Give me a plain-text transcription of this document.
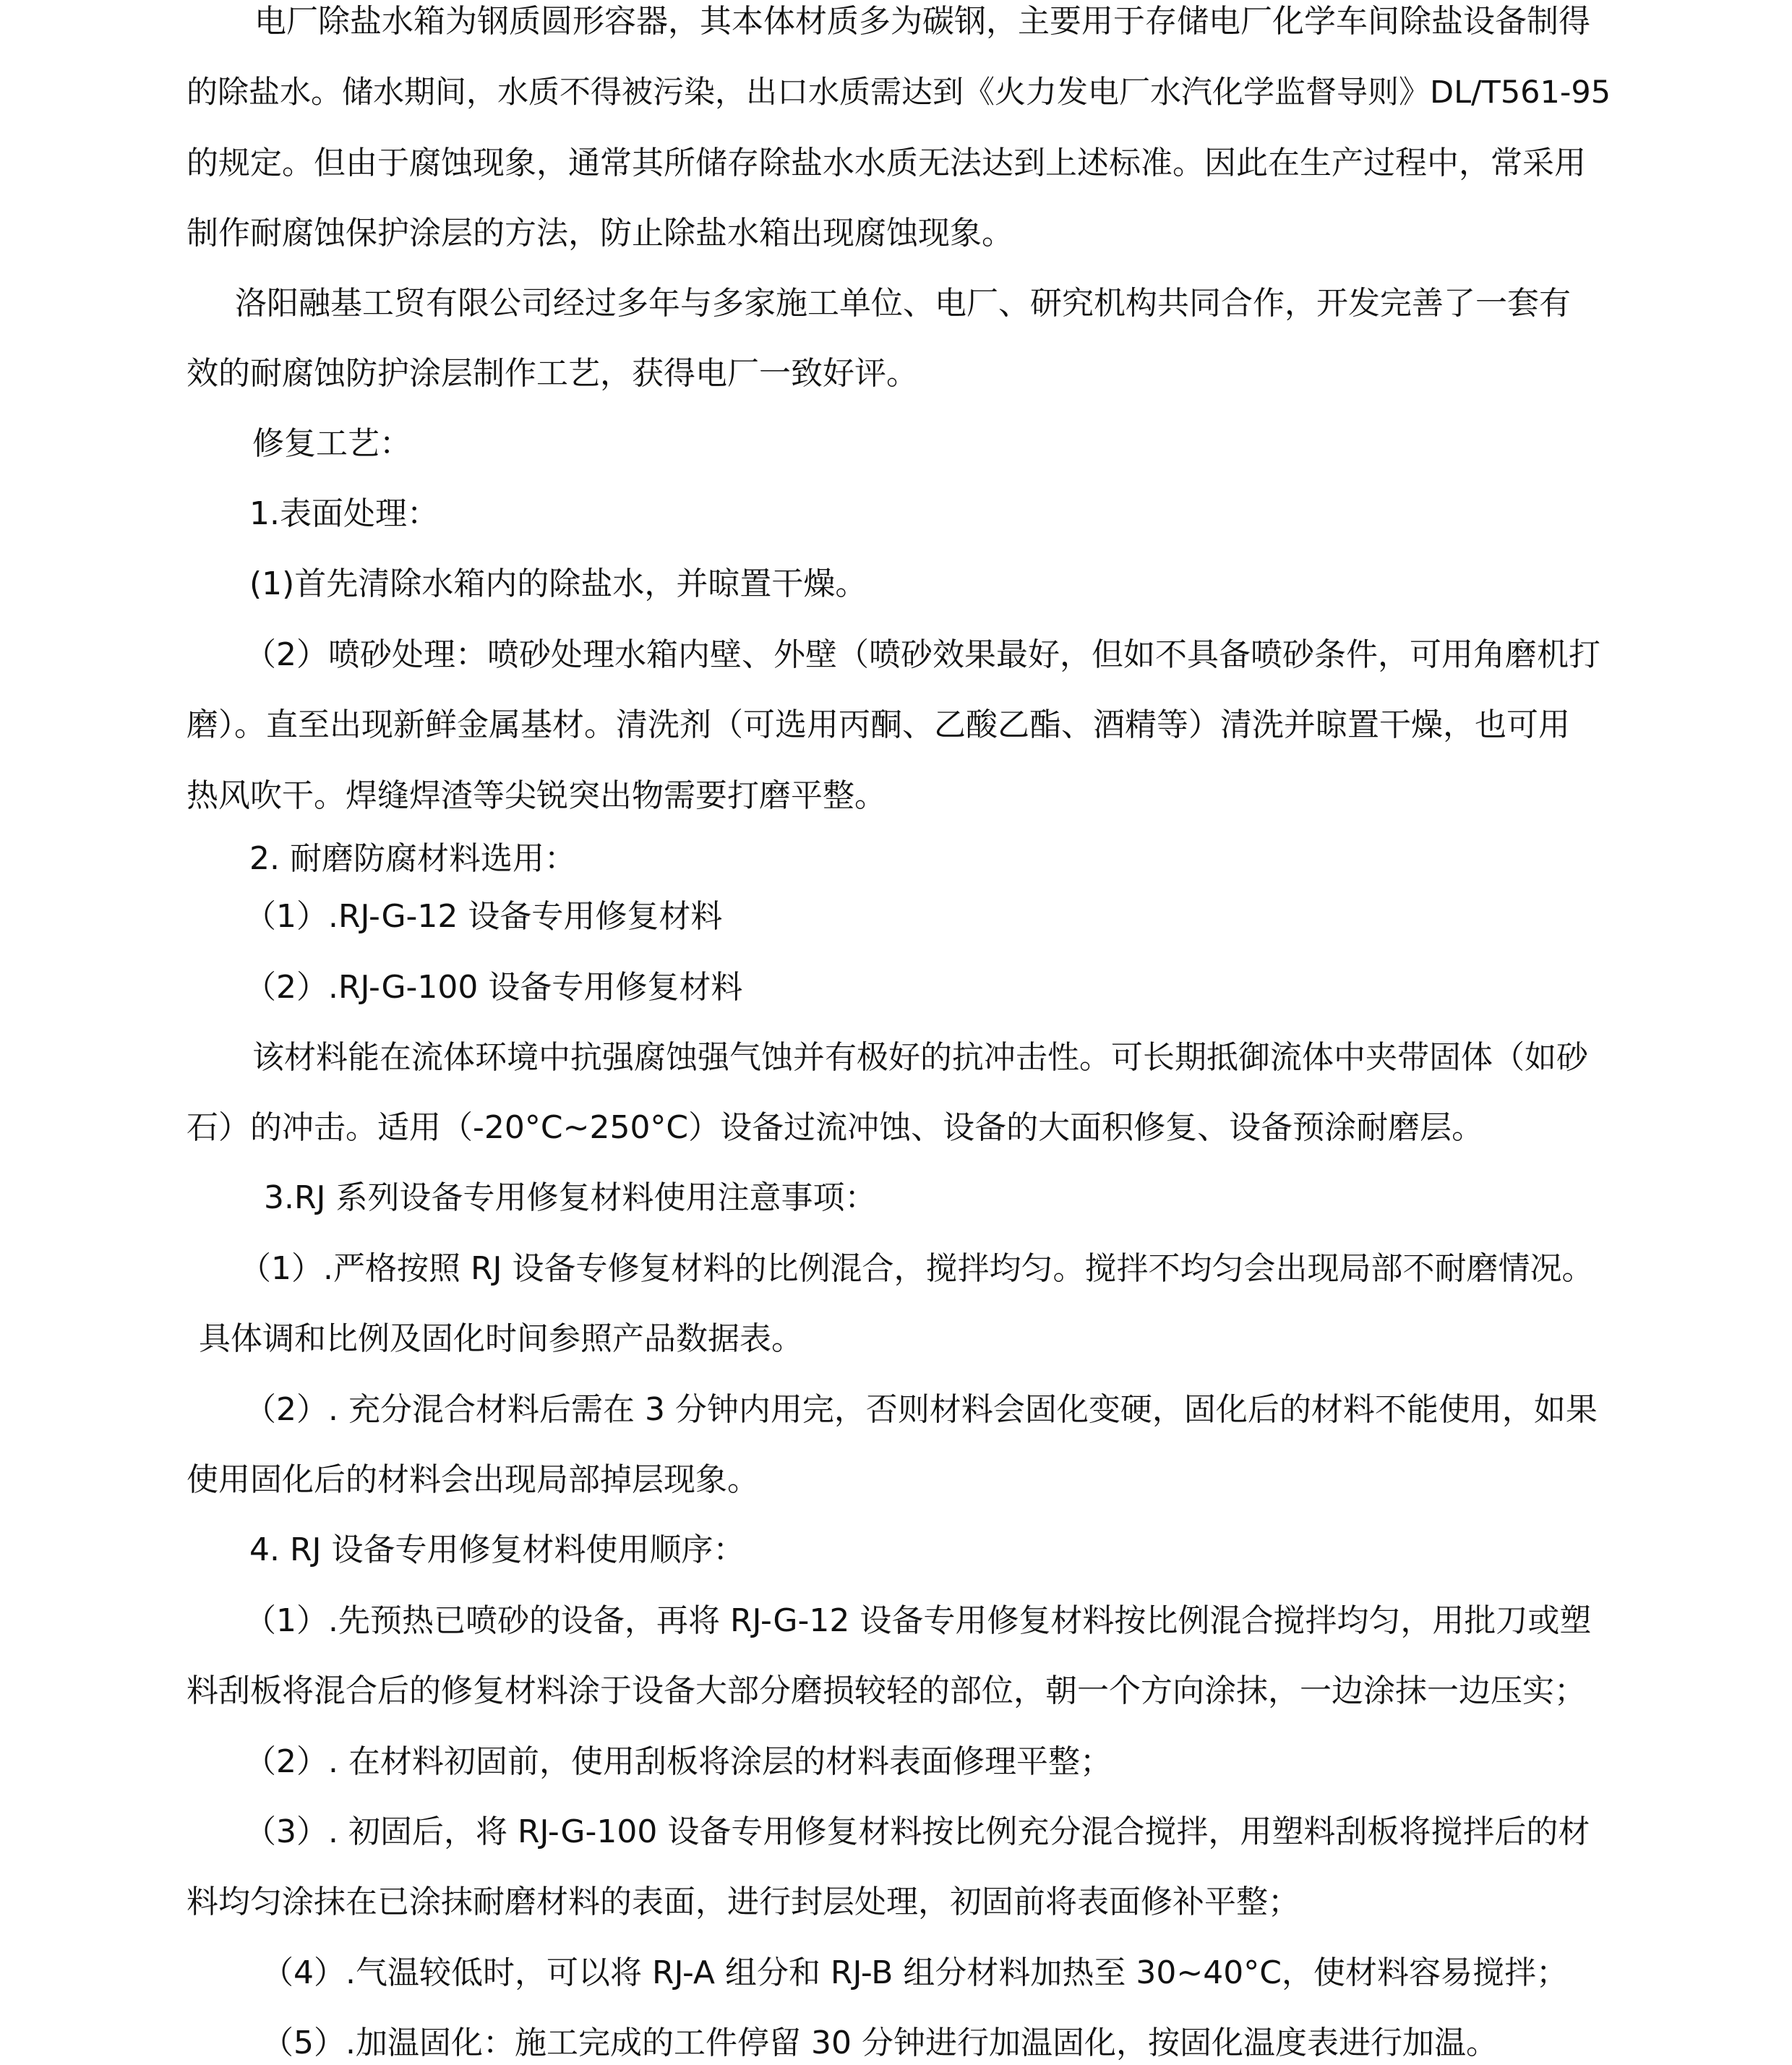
电厂除盐水箱为钢质圆形容器，其本体材质多为碳钢，主要用于存储电厂化学车间除盐设备制得
的除盐水。储水期间，水质不得被污染，出口水质需达到《火力发电厂水汽化学监督导则》DL/T561-95
的规定。但由于腐蚀现象，通常其所储存除盐水水质无法达到上述标准。因此在生产过程中，常采用
制作耐腐蚀保护涂层的方法，防止除盐水箱出现腐蚀现象。
洛阳融基工贸有限公司经过多年与多家施工单位、电厂、研究机构共同合作，开发完善了一套有
效的耐腐蚀防护涂层制作工艺，获得电厂一致好评。
修复工艺：
1.表面处理：
(1)首先清除水箱内的除盐水，并晾置干燥。
（2）喷砂处理：喷砂处理水箱内壁、外壁（喷砂效果最好，但如不具备喷砂条件，可用角磨机打
磨）。直至出现新鲜金属基材。清洗剂（可选用丙酮、乙酸乙酯、酒精等）清洗并晾置干燥，也可用
热风吹干。焊缝焊渣等尖锐突出物需要打磨平整。
2. 耐磨防腐材料选用：
（1）.RJ-G-12 设备专用修复材料
（2）.RJ-G-100 设备专用修复材料
该材料能在流体环境中抗强腐蚀强气蚀并有极好的抗冲击性。可长期抵御流体中夹带固体（如砂
石）的冲击。适用（-20°C~250°C）设备过流冲蚀、设备的大面积修复、设备预涂耐磨层。
3.RJ 系列设备专用修复材料使用注意事项：
（1）.严格按照 RJ 设备专修复材料的比例混合，搅拌均匀。搅拌不均匀会出现局部不耐磨情况。
具体调和比例及固化时间参照产品数据表。
（2）. 充分混合材料后需在 3 分钟内用完，否则材料会固化变硬，固化后的材料不能使用，如果
使用固化后的材料会出现局部掉层现象。
4. RJ 设备专用修复材料使用顺序：
（1）.先预热已喷砂的设备，再将 RJ-G-12 设备专用修复材料按比例混合搅拌均匀，用批刀或塑
料刮板将混合后的修复材料涂于设备大部分磨损较轻的部位，朝一个方向涂抹，一边涂抹一边压实；
（2）. 在材料初固前，使用刮板将涂层的材料表面修理平整；
（3）. 初固后，将 RJ-G-100 设备专用修复材料按比例充分混合搅拌，用塑料刮板将搅拌后的材
料均匀涂抹在已涂抹耐磨材料的表面，进行封层处理，初固前将表面修补平整；
（4）.气温较低时，可以将 RJ-A 组分和 RJ-B 组分材料加热至 30~40°C，使材料容易搅拌；
（5）.加温固化：施工完成的工件停留 30 分钟进行加温固化，按固化温度表进行加温。
